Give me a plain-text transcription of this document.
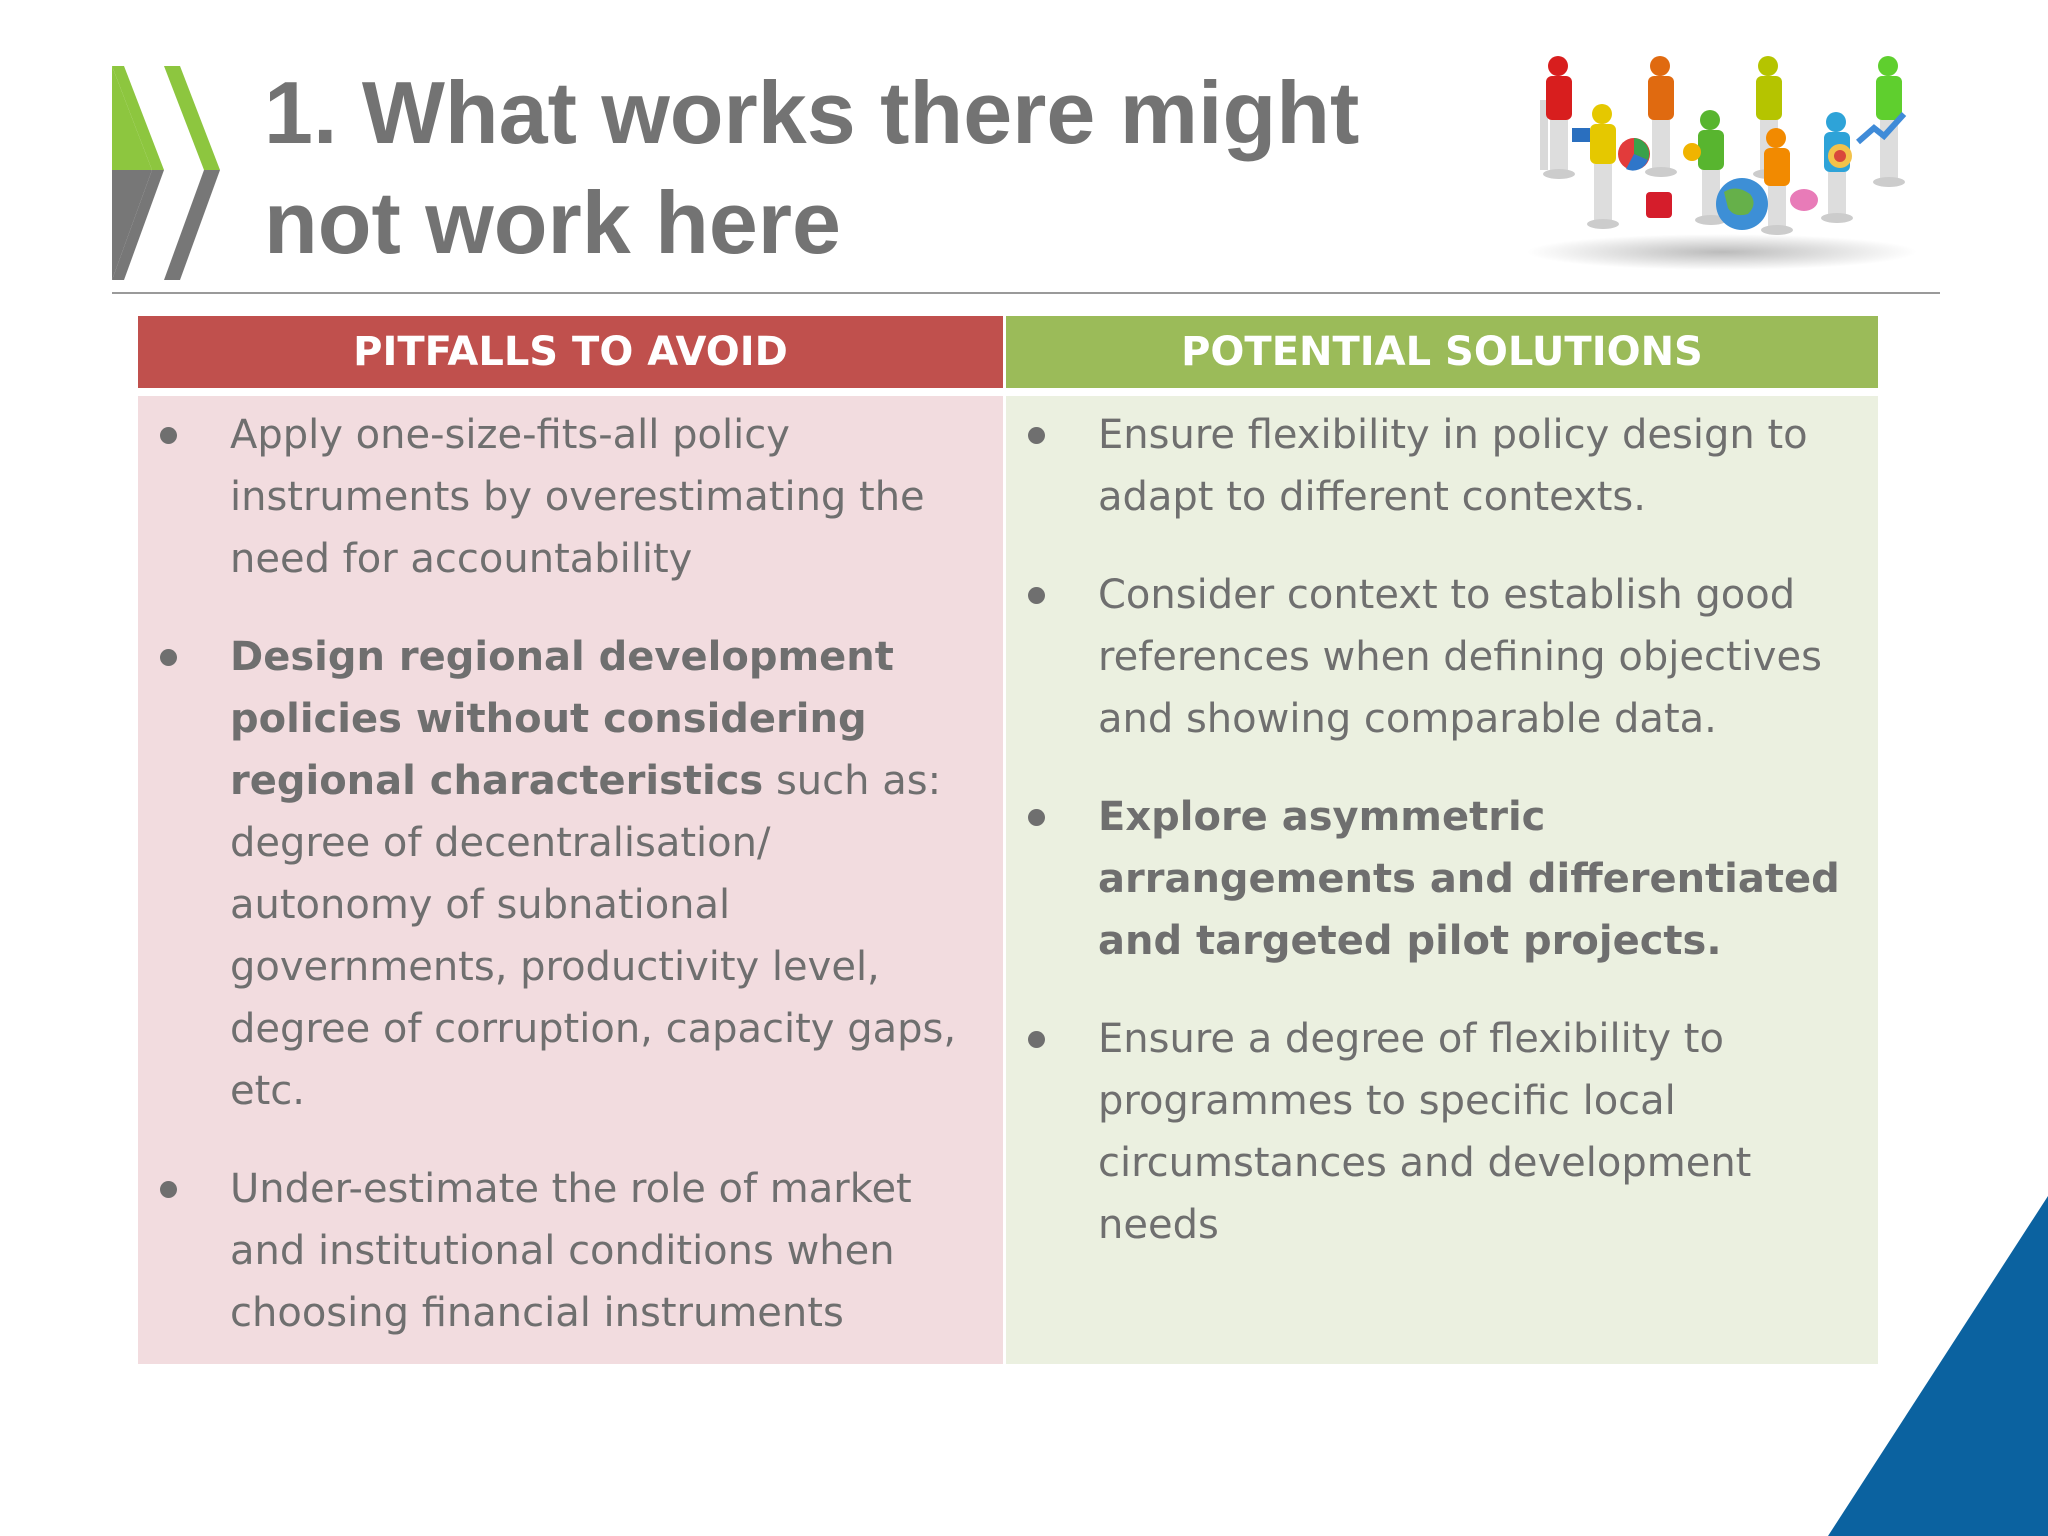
1. What works there might
not work here
PITFALLS TO AVOID	POTENTIAL SOLUTIONS
Apply one-size-fits-all policy instruments by overestimating the need for accountability
Design regional development policies without considering regional characteristics such as: degree of decentralisation/ autonomy of subnational governments, productivity level, degree of corruption, capacity gaps, etc.
Under-estimate the role of market and institutional conditions when choosing financial instruments
Ensure flexibility in policy design to adapt to different contexts.
Consider context to establish good references when defining objectives and showing comparable data.
Explore asymmetric arrangements and differentiated and targeted pilot projects.
Ensure a degree of flexibility to programmes to specific local circumstances and development needs
